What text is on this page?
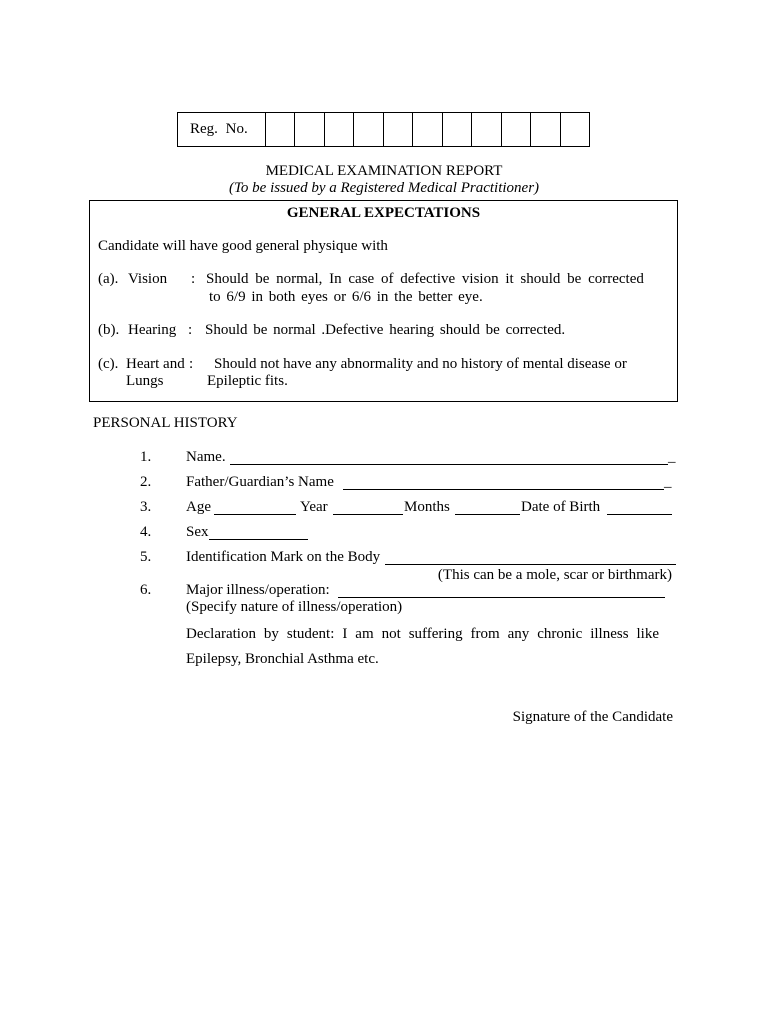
Reg. No.
MEDICAL EXAMINATION REPORT
(To be issued by a Registered Medical Practitioner)
GENERAL EXPECTATIONS
Candidate will have good general physique with
(a). Vision : Should be normal, In case of defective vision it should be corrected
to 6/9 in both eyes or 6/6 in the better eye.
(b). Hearing : Should be normal .Defective hearing should be corrected.
(c). Heart and : Should not have any abnormality and no history of mental disease or
Lungs	Epileptic fits.
PERSONAL HISTORY
1. Name.	_
2. Father/Guardian’s Name	_
3. Age	Year	Months	Date of Birth
4. Sex
5. Identification Mark on the Body
(This can be a mole, scar or birthmark)
6. Major illness/operation:
(Specify nature of illness/operation)
Declaration by student: I am not suffering from any chronic illness like
Epilepsy, Bronchial Asthma etc.
Signature of the Candidate
